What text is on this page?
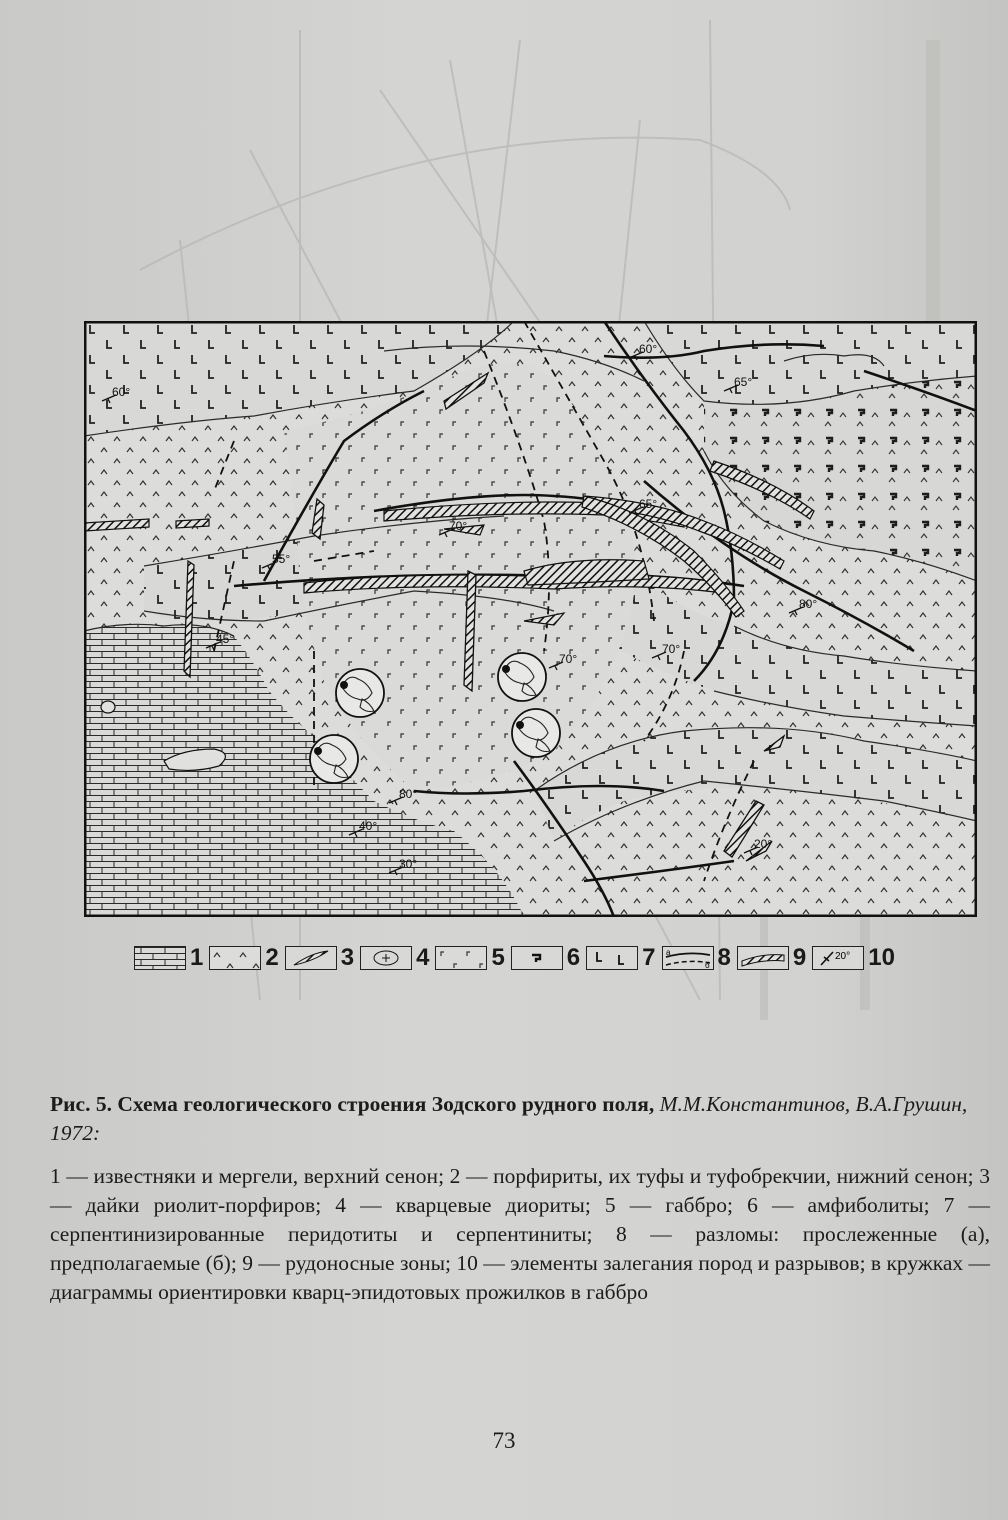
60°
65°
60°
65°
70°
55°
45°
70°
70°
80°
80°
40°
30°
20°
1	2	3	4	5	6	7 а
б 8	9	20° 10
Рис. 5. Схема геологического строения Зодского рудного поля, М.М.Константинов, В.А.Грушин, 1972:
1 — известняки и мергели, верхний сенон; 2 — порфириты, их туфы и туфобрекчии, нижний сенон; 3 — дайки риолит-порфиров; 4 — кварцевые диориты; 5 — габбро; 6 — амфиболиты; 7 — серпентинизированные перидотиты и серпентиниты; 8 — разломы: прослеженные (а), предполагаемые (б); 9 — рудоносные зоны; 10 — элементы залегания пород и разрывов; в кружках — диаграммы ориентировки кварц-эпидотовых прожилков в габбро
73
